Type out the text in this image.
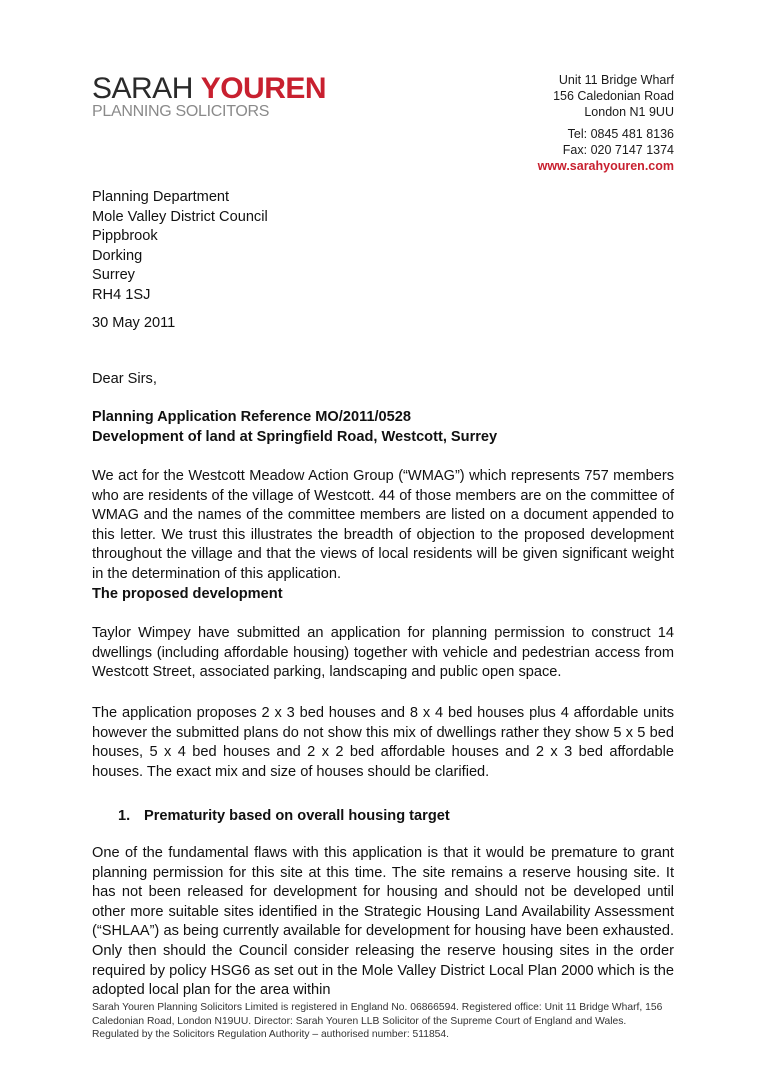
SARAH YOUREN
PLANNING SOLICITORS
Unit 11 Bridge Wharf
156 Caledonian Road
London N1 9UU
Tel: 0845 481 8136
Fax: 020 7147 1374
www.sarahyouren.com
Planning Department
Mole Valley District Council
Pippbrook
Dorking
Surrey
RH4 1SJ
30 May 2011
Dear Sirs,
Planning Application Reference MO/2011/0528
Development of land at Springfield Road, Westcott, Surrey
We act for the Westcott Meadow Action Group (“WMAG”) which represents 757 members who are residents of the village of Westcott. 44 of those members are on the committee of WMAG and the names of the committee members are listed on a document appended to this letter. We trust this illustrates the breadth of objection to the proposed development throughout the village and that the views of local residents will be given significant weight in the determination of this application.
The proposed development
Taylor Wimpey have submitted an application for planning permission to construct 14 dwellings (including affordable housing) together with vehicle and pedestrian access from Westcott Street, associated parking, landscaping and public open space.
The application proposes 2 x 3 bed houses and 8 x 4 bed houses plus 4 affordable units however the submitted plans do not show this mix of dwellings rather they show 5 x 5 bed houses, 5 x 4 bed houses and 2 x 2 bed affordable houses and 2 x 3 bed affordable houses. The exact mix and size of houses should be clarified.
1. Prematurity based on overall housing target
One of the fundamental flaws with this application is that it would be premature to grant planning permission for this site at this time. The site remains a reserve housing site. It has not been released for development for housing and should not be developed until other more suitable sites identified in the Strategic Housing Land Availability Assessment (“SHLAA”) as being currently available for development for housing have been exhausted. Only then should the Council consider releasing the reserve housing sites in the order required by policy HSG6 as set out in the Mole Valley District Local Plan 2000 which is the adopted local plan for the area within
Sarah Youren Planning Solicitors Limited is registered in England No. 06866594. Registered office: Unit 11 Bridge Wharf, 156
Caledonian Road, London N19UU. Director: Sarah Youren LLB Solicitor of the Supreme Court of England and Wales.
Regulated by the Solicitors Regulation Authority – authorised number: 511854.
